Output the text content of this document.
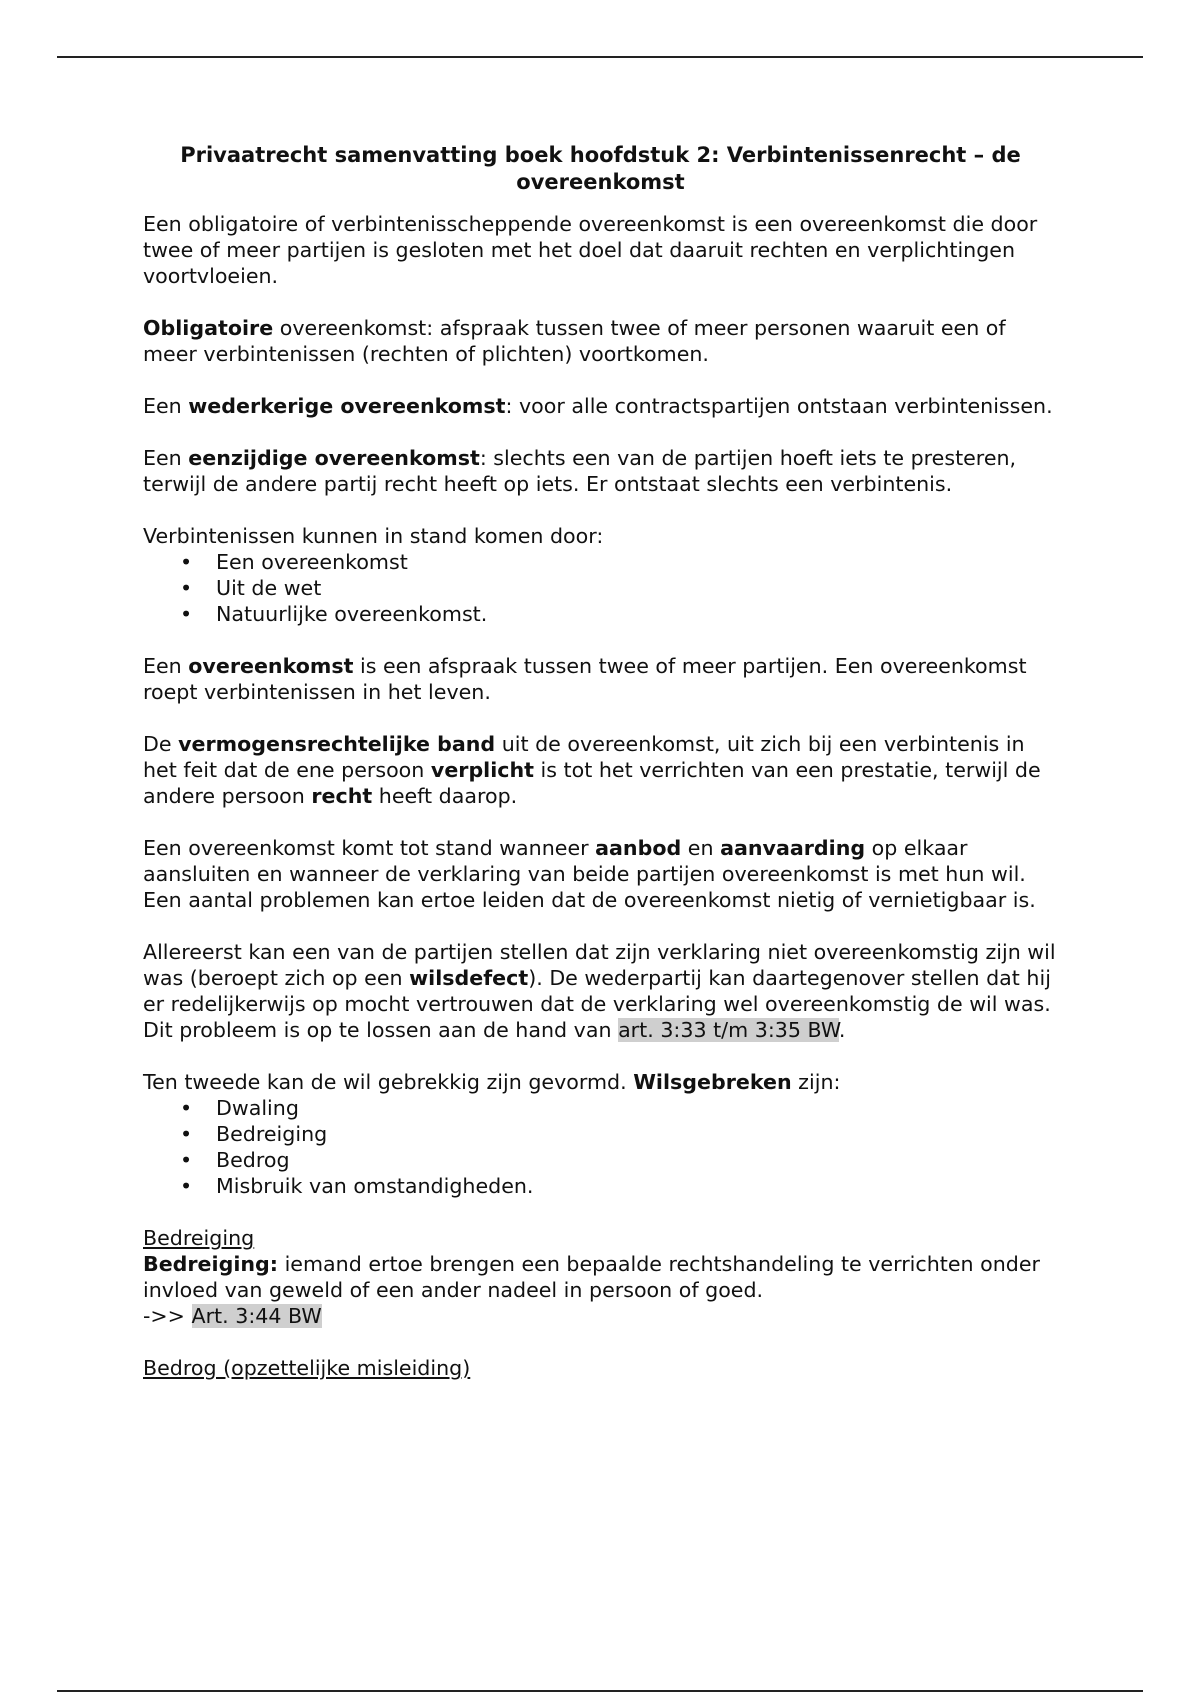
Privaatrecht samenvatting boek hoofdstuk 2: Verbintenissenrecht – de overeenkomst

Een obligatoire of verbintenisscheppende overeenkomst is een overeenkomst die door twee of meer partijen is gesloten met het doel dat daaruit rechten en verplichtingen voortvloeien.

Obligatoire overeenkomst: afspraak tussen twee of meer personen waaruit een of meer verbintenissen (rechten of plichten) voortkomen.

Een wederkerige overeenkomst: voor alle contractspartijen ontstaan verbintenissen.

Een eenzijdige overeenkomst: slechts een van de partijen hoeft iets te presteren, terwijl de andere partij recht heeft op iets. Er ontstaat slechts een verbintenis.

Verbintenissen kunnen in stand komen door:

• Een overeenkomst
• Uit de wet
• Natuurlijke overeenkomst.

Een overeenkomst is een afspraak tussen twee of meer partijen. Een overeenkomst roept verbintenissen in het leven.

De vermogensrechtelijke band uit de overeenkomst, uit zich bij een verbintenis in het feit dat de ene persoon verplicht is tot het verrichten van een prestatie, terwijl de andere persoon recht heeft daarop.

Een overeenkomst komt tot stand wanneer aanbod en aanvaarding op elkaar aansluiten en wanneer de verklaring van beide partijen overeenkomst is met hun wil. Een aantal problemen kan ertoe leiden dat de overeenkomst nietig of vernietigbaar is.

Allereerst kan een van de partijen stellen dat zijn verklaring niet overeenkomstig zijn wil was (beroept zich op een wilsdefect). De wederpartij kan daartegenover stellen dat hij er redelijkerwijs op mocht vertrouwen dat de verklaring wel overeenkomstig de wil was. Dit probleem is op te lossen aan de hand van art. 3:33 t/m 3:35 BW.

Ten tweede kan de wil gebrekkig zijn gevormd. Wilsgebreken zijn:

• Dwaling
• Bedreiging
• Bedrog
• Misbruik van omstandigheden.

Bedreiging
Bedreiging: iemand ertoe brengen een bepaalde rechtshandeling te verrichten onder invloed van geweld of een ander nadeel in persoon of goed.
->> Art. 3:44 BW

Bedrog (opzettelijke misleiding)
